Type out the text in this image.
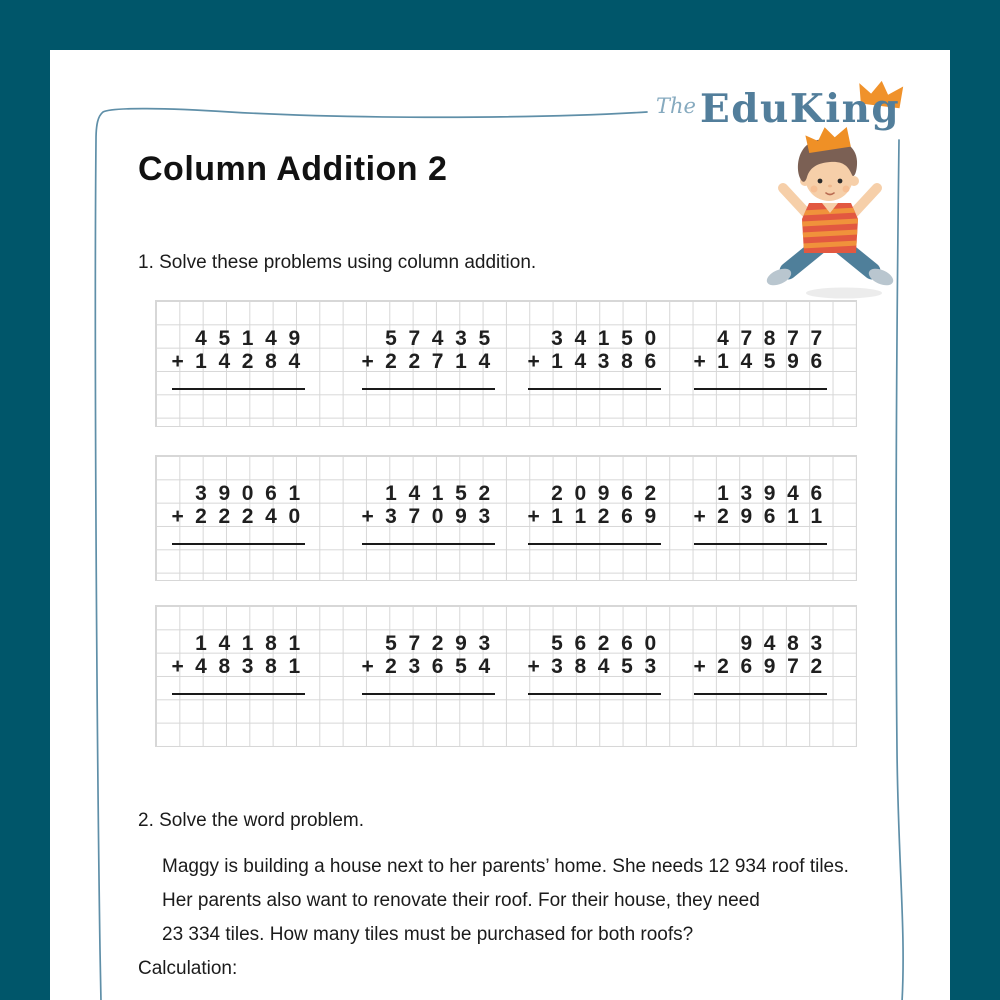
The EduKing
Column Addition 2
1. Solve these problems using column addition.
4 5 1 4 9
+ 1 4 2 8 4
5 7 4 3 5
+ 2 2 7 1 4
3 4 1 5 0
+ 1 4 3 8 6
4 7 8 7 7
+ 1 4 5 9 6
3 9 0 6 1
+ 2 2 2 4 0
1 4 1 5 2
+ 3 7 0 9 3
2 0 9 6 2
+ 1 1 2 6 9
1 3 9 4 6
+ 2 9 6 1 1
1 4 1 8 1
+ 4 8 3 8 1
5 7 2 9 3
+ 2 3 6 5 4
5 6 2 6 0
+ 3 8 4 5 3
9 4 8 3
+ 2 6 9 7 2
2. Solve the word problem.
Maggy is building a house next to her parents’ home. She needs 12 934 roof tiles.
Her parents also want to renovate their roof. For their house, they need
23 334 tiles. How many tiles must be purchased for both roofs?
Calculation:
